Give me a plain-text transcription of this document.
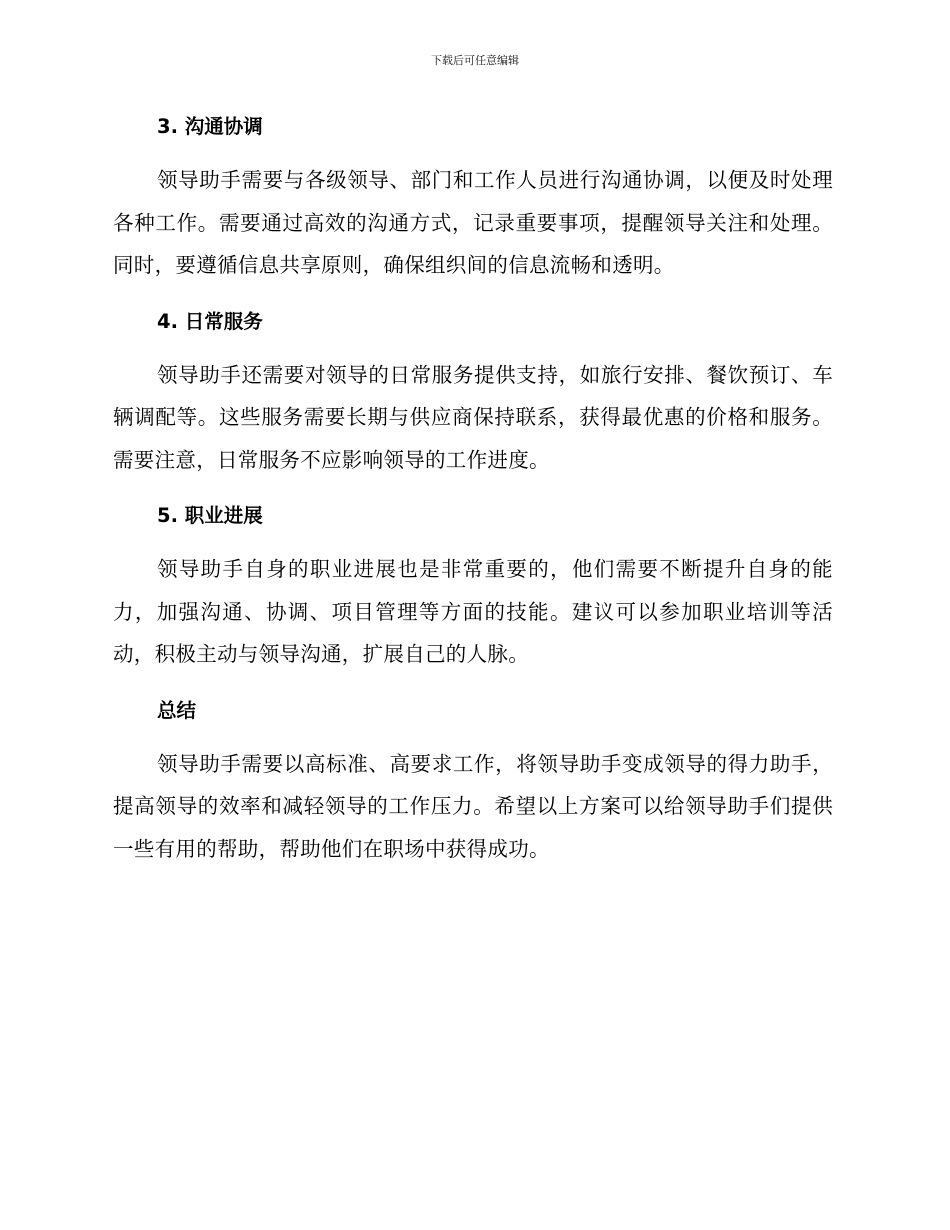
下载后可任意编辑
3. 沟通协调

领导助手需要与各级领导、部门和工作人员进行沟通协调，以便及时处理各种工作。需要通过高效的沟通方式，记录重要事项，提醒领导关注和处理。同时，要遵循信息共享原则，确保组织间的信息流畅和透明。

4. 日常服务

领导助手还需要对领导的日常服务提供支持，如旅行安排、餐饮预订、车辆调配等。这些服务需要长期与供应商保持联系，获得最优惠的价格和服务。需要注意，日常服务不应影响领导的工作进度。

5. 职业进展

领导助手自身的职业进展也是非常重要的，他们需要不断提升自身的能力，加强沟通、协调、项目管理等方面的技能。建议可以参加职业培训等活动，积极主动与领导沟通，扩展自己的人脉。

总结

领导助手需要以高标准、高要求工作，将领导助手变成领导的得力助手，提高领导的效率和减轻领导的工作压力。希望以上方案可以给领导助手们提供一些有用的帮助，帮助他们在职场中获得成功。
